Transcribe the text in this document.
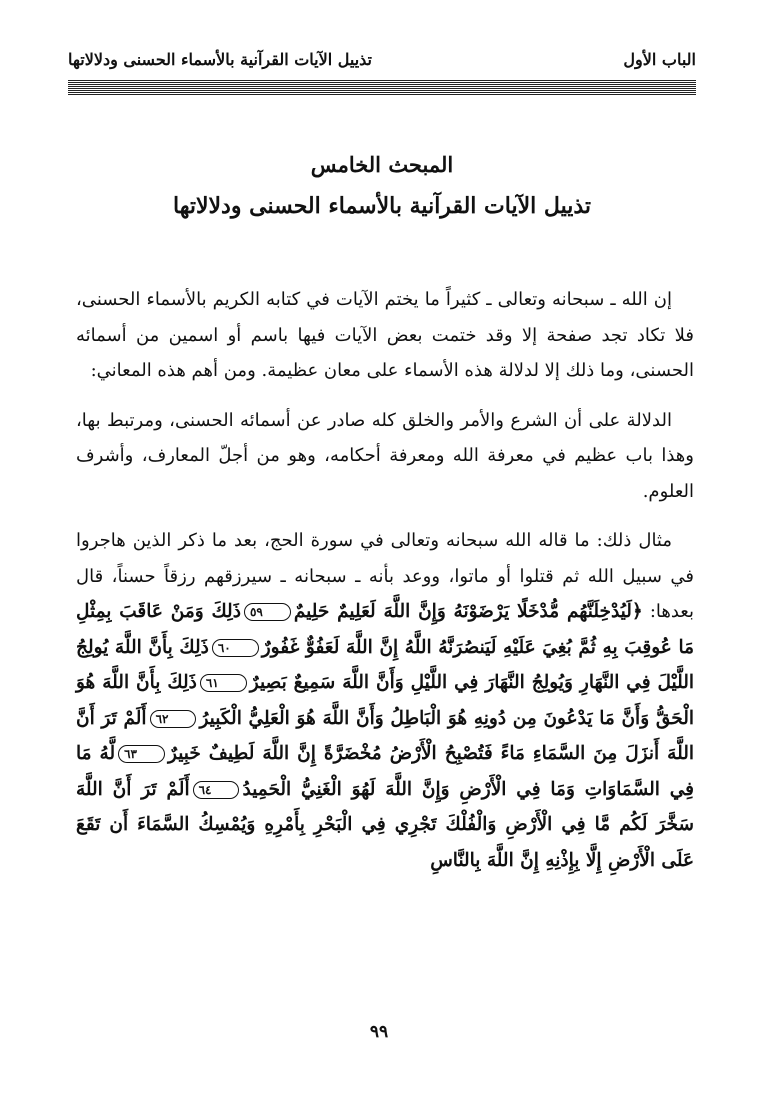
الباب الأول
تذييل الآيات القرآنية بالأسماء الحسنى ودلالاتها
المبحث الخامس
تذييل الآيات القرآنية بالأسماء الحسنى ودلالاتها

إن الله ـ سبحانه وتعالى ـ كثيراً ما يختم الآيات في كتابه الكريم بالأسماء الحسنى، فلا تكاد تجد صفحة إلا وقد ختمت بعض الآيات فيها باسم أو اسمين من أسمائه الحسنى، وما ذلك إلا لدلالة هذه الأسماء على معان عظيمة. ومن أهم هذه المعاني:

الدلالة على أن الشرع والأمر والخلق كله صادر عن أسمائه الحسنى، ومرتبط بها، وهذا باب عظيم في معرفة الله ومعرفة أحكامه، وهو من أجلّ المعارف، وأشرف العلوم.

مثال ذلك: ما قاله الله سبحانه وتعالى في سورة الحج، بعد ما ذكر الذين هاجروا في سبيل الله ثم قتلوا أو ماتوا، ووعد بأنه ـ سبحانه ـ سيرزقهم رزقاً حسناً، قال بعدها: ﴿لَيُدْخِلَنَّهُم مُّدْخَلًا يَرْضَوْنَهُ وَإِنَّ اللَّهَ لَعَلِيمٌ حَلِيمٌ٥٩ذَلِكَ وَمَنْ عَاقَبَ بِمِثْلِ مَا عُوقِبَ بِهِ ثُمَّ بُغِيَ عَلَيْهِ لَيَنصُرَنَّهُ اللَّهُ إِنَّ اللَّهَ لَعَفُوٌّ غَفُورٌ٦٠ذَلِكَ بِأَنَّ اللَّهَ يُولِجُ اللَّيْلَ فِي النَّهَارِ وَيُولِجُ النَّهَارَ فِي اللَّيْلِ وَأَنَّ اللَّهَ سَمِيعٌ بَصِيرٌ٦١ذَلِكَ بِأَنَّ اللَّهَ هُوَ الْحَقُّ وَأَنَّ مَا يَدْعُونَ مِن دُونِهِ هُوَ الْبَاطِلُ وَأَنَّ اللَّهَ هُوَ الْعَلِيُّ الْكَبِيرُ٦٢أَلَمْ تَرَ أَنَّ اللَّهَ أَنزَلَ مِنَ السَّمَاءِ مَاءً فَتُصْبِحُ الْأَرْضُ مُخْضَرَّةً إِنَّ اللَّهَ لَطِيفٌ خَبِيرٌ٦٣لَّهُ مَا فِي السَّمَاوَاتِ وَمَا فِي الْأَرْضِ وَإِنَّ اللَّهَ لَهُوَ الْغَنِيُّ الْحَمِيدُ٦٤أَلَمْ تَرَ أَنَّ اللَّهَ سَخَّرَ لَكُم مَّا فِي الْأَرْضِ وَالْفُلْكَ تَجْرِي فِي الْبَحْرِ بِأَمْرِهِ وَيُمْسِكُ السَّمَاءَ أَن تَقَعَ عَلَى الْأَرْضِ إِلَّا بِإِذْنِهِ إِنَّ اللَّهَ بِالنَّاسِ

٩٩
